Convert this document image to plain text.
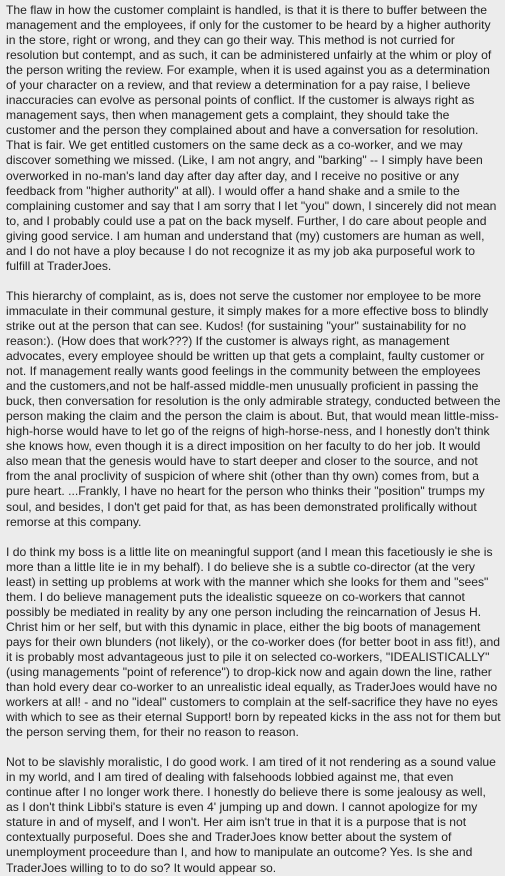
The flaw in how the customer complaint is handled, is that it is there to buffer between the management and the employees, if only for the customer to be heard by a higher authority in the store, right or wrong, and they can go their way. This method is not curried for resolution but contempt, and as such, it can be administered unfairly at the whim or ploy of the person writing the review. For example, when it is used against you as a determination of your character on a review, and that review a determination for a pay raise, I believe inaccuracies can evolve as personal points of conflict. If the customer is always right as management says, then when management gets a complaint, they should take the customer and the person they complained about and have a conversation for resolution. That is fair. We get entitled customers on the same deck as a co-worker, and we may discover something we missed. (Like, I am not angry, and "barking" -- I simply have been overworked in no-man's land day after day after day, and I receive no positive or any feedback from "higher authority" at all). I would offer a hand shake and a smile to the complaining customer and say that I am sorry that I let "you" down, I sincerely did not mean to, and I probably could use a pat on the back myself. Further, I do care about people and giving good service. I am human and understand that (my) customers are human as well, and I do not have a ploy because I do not recognize it as my job aka purposeful work to fulfill at TraderJoes.

This hierarchy of complaint, as is, does not serve the customer nor employee to be more immaculate in their communal gesture, it simply makes for a more effective boss to blindly strike out at the person that can see. Kudos! (for sustaining "your" sustainability for no reason:). (How does that work???) If the customer is always right, as management advocates, every employee should be written up that gets a complaint, faulty customer or not. If management really wants good feelings in the community between the employees and the customers,and not be half-assed middle-men unusually proficient in passing the buck, then conversation for resolution is the only admirable strategy, conducted between the person making the claim and the person the claim is about. But, that would mean little-miss-high-horse would have to let go of the reigns of high-horse-ness, and I honestly don't think she knows how, even though it is a direct imposition on her faculty to do her job. It would also mean that the genesis would have to start deeper and closer to the source, and not from the anal proclivity of suspicion of where shit (other than thy own) comes from, but a pure heart. ...Frankly, I have no heart for the person who thinks their "position" trumps my soul, and besides, I don't get paid for that, as has been demonstrated prolifically without remorse at this company.

I do think my boss is a little lite on meaningful support (and I mean this facetiously ie she is more than a little lite ie in my behalf). I do believe she is a subtle co-director (at the very least) in setting up problems at work with the manner which she looks for them and "sees" them. I do believe management puts the idealistic squeeze on co-workers that cannot possibly be mediated in reality by any one person including the reincarnation of Jesus H. Christ him or her self, but with this dynamic in place, either the big boots of management pays for their own blunders (not likely), or the co-worker does (for better boot in ass fit!), and it is probably most advantageous just to pile it on selected co-workers, "IDEALISTICALLY" (using managements "point of reference") to drop-kick now and again down the line, rather than hold every dear co-worker to an unrealistic ideal equally, as TraderJoes would have no workers at all! - and no "ideal" customers to complain at the self-sacrifice they have no eyes with which to see as their eternal Support! born by repeated kicks in the ass not for them but the person serving them, for their no reason to reason.

Not to be slavishly moralistic, I do good work. I am tired of it not rendering as a sound value in my world, and I am tired of dealing with falsehoods lobbied against me, that even continue after I no longer work there. I honestly do believe there is some jealousy as well, as I don't think Libbi's stature is even 4' jumping up and down. I cannot apologize for my stature in and of myself, and I won't. Her aim isn't true in that it is a purpose that is not contextually purposeful. Does she and TraderJoes know better about the system of unemployment proceedure than I, and how to manipulate an outcome? Yes. Is she and TraderJoes willing to to do so? It would appear so.
